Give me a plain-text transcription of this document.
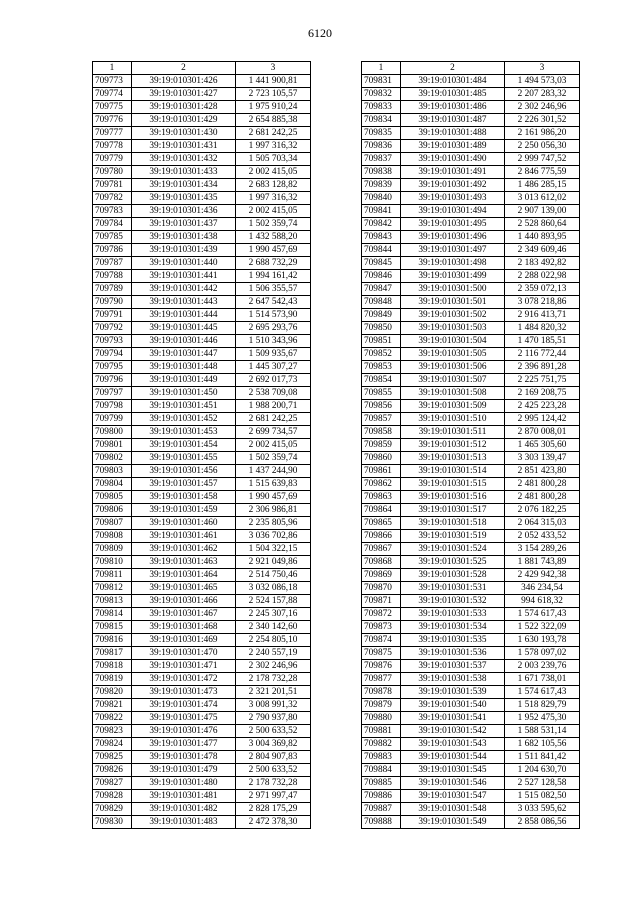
6120
1	2	3
709773	39:19:010301:426	1 441 900,81
709774	39:19:010301:427	2 723 105,57
709775	39:19:010301:428	1 975 910,24
709776	39:19:010301:429	2 654 885,38
709777	39:19:010301:430	2 681 242,25
709778	39:19:010301:431	1 997 316,32
709779	39:19:010301:432	1 505 703,34
709780	39:19:010301:433	2 002 415,05
709781	39:19:010301:434	2 683 128,82
709782	39:19:010301:435	1 997 316,32
709783	39:19:010301:436	2 002 415,05
709784	39:19:010301:437	1 502 359,74
709785	39:19:010301:438	1 432 588,20
709786	39:19:010301:439	1 990 457,69
709787	39:19:010301:440	2 688 732,29
709788	39:19:010301:441	1 994 161,42
709789	39:19:010301:442	1 506 355,57
709790	39:19:010301:443	2 647 542,43
709791	39:19:010301:444	1 514 573,90
709792	39:19:010301:445	2 695 293,76
709793	39:19:010301:446	1 510 343,96
709794	39:19:010301:447	1 509 935,67
709795	39:19:010301:448	1 445 307,27
709796	39:19:010301:449	2 692 017,73
709797	39:19:010301:450	2 538 709,08
709798	39:19:010301:451	1 988 200,71
709799	39:19:010301:452	2 681 242,25
709800	39:19:010301:453	2 699 734,57
709801	39:19:010301:454	2 002 415,05
709802	39:19:010301:455	1 502 359,74
709803	39:19:010301:456	1 437 244,90
709804	39:19:010301:457	1 515 639,83
709805	39:19:010301:458	1 990 457,69
709806	39:19:010301:459	2 306 986,81
709807	39:19:010301:460	2 235 805,96
709808	39:19:010301:461	3 036 702,86
709809	39:19:010301:462	1 504 322,15
709810	39:19:010301:463	2 921 049,86
709811	39:19:010301:464	2 514 750,46
709812	39:19:010301:465	3 032 086,18
709813	39:19:010301:466	2 524 157,88
709814	39:19:010301:467	2 245 307,16
709815	39:19:010301:468	2 340 142,60
709816	39:19:010301:469	2 254 805,10
709817	39:19:010301:470	2 240 557,19
709818	39:19:010301:471	2 302 246,96
709819	39:19:010301:472	2 178 732,28
709820	39:19:010301:473	2 321 201,51
709821	39:19:010301:474	3 008 991,32
709822	39:19:010301:475	2 790 937,80
709823	39:19:010301:476	2 500 633,52
709824	39:19:010301:477	3 004 369,82
709825	39:19:010301:478	2 804 907,83
709826	39:19:010301:479	2 500 633,52
709827	39:19:010301:480	2 178 732,28
709828	39:19:010301:481	2 971 997,47
709829	39:19:010301:482	2 828 175,29
709830	39:19:010301:483	2 472 378,30
1	2	3
709831	39:19:010301:484	1 494 573,03
709832	39:19:010301:485	2 207 283,32
709833	39:19:010301:486	2 302 246,96
709834	39:19:010301:487	2 226 301,52
709835	39:19:010301:488	2 161 986,20
709836	39:19:010301:489	2 250 056,30
709837	39:19:010301:490	2 999 747,52
709838	39:19:010301:491	2 846 775,59
709839	39:19:010301:492	1 486 285,15
709840	39:19:010301:493	3 013 612,02
709841	39:19:010301:494	2 907 139,00
709842	39:19:010301:495	2 528 860,64
709843	39:19:010301:496	1 440 893,95
709844	39:19:010301:497	2 349 609,46
709845	39:19:010301:498	2 183 492,82
709846	39:19:010301:499	2 288 022,98
709847	39:19:010301:500	2 359 072,13
709848	39:19:010301:501	3 078 218,86
709849	39:19:010301:502	2 916 413,71
709850	39:19:010301:503	1 484 820,32
709851	39:19:010301:504	1 470 185,51
709852	39:19:010301:505	2 116 772,44
709853	39:19:010301:506	2 396 891,28
709854	39:19:010301:507	2 225 751,75
709855	39:19:010301:508	2 169 208,75
709856	39:19:010301:509	2 425 223,28
709857	39:19:010301:510	2 995 124,42
709858	39:19:010301:511	2 870 008,01
709859	39:19:010301:512	1 465 305,60
709860	39:19:010301:513	3 303 139,47
709861	39:19:010301:514	2 851 423,80
709862	39:19:010301:515	2 481 800,28
709863	39:19:010301:516	2 481 800,28
709864	39:19:010301:517	2 076 182,25
709865	39:19:010301:518	2 064 315,03
709866	39:19:010301:519	2 052 433,52
709867	39:19:010301:524	3 154 289,26
709868	39:19:010301:525	1 881 743,89
709869	39:19:010301:528	2 429 942,38
709870	39:19:010301:531	346 234,54
709871	39:19:010301:532	994 618,32
709872	39:19:010301:533	1 574 617,43
709873	39:19:010301:534	1 522 322,09
709874	39:19:010301:535	1 630 193,78
709875	39:19:010301:536	1 578 097,02
709876	39:19:010301:537	2 003 239,76
709877	39:19:010301:538	1 671 738,01
709878	39:19:010301:539	1 574 617,43
709879	39:19:010301:540	1 518 829,79
709880	39:19:010301:541	1 952 475,30
709881	39:19:010301:542	1 588 531,14
709882	39:19:010301:543	1 682 105,56
709883	39:19:010301:544	1 511 841,42
709884	39:19:010301:545	1 204 630,70
709885	39:19:010301:546	2 527 128,58
709886	39:19:010301:547	1 515 082,50
709887	39:19:010301:548	3 033 595,62
709888	39:19:010301:549	2 858 086,56
